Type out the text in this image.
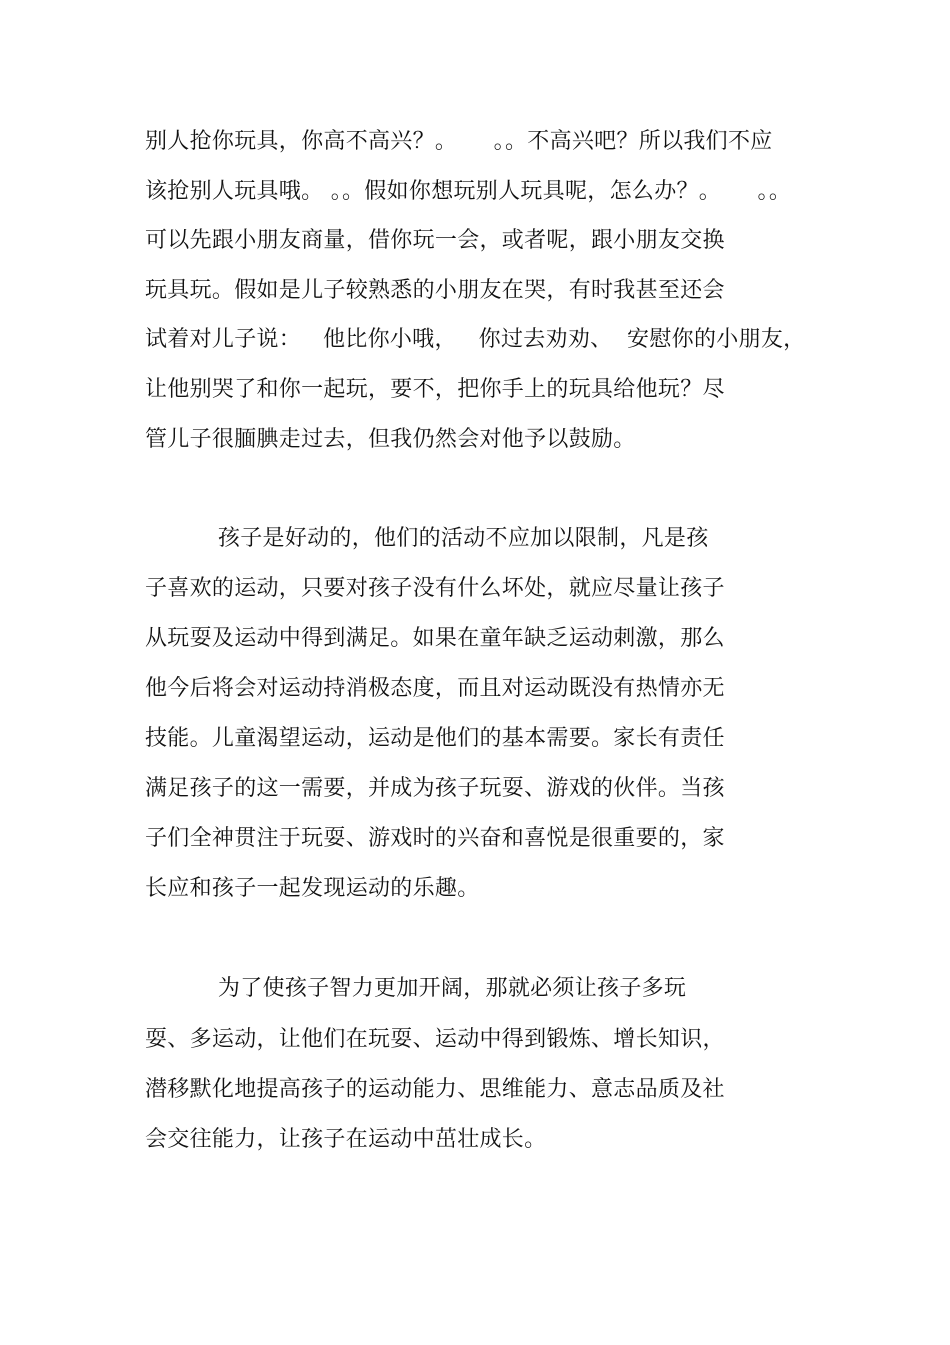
别人抢你玩具，你高不高兴？。     。。不高兴吧？所以我们不应
该抢别人玩具哦。 。。假如你想玩别人玩具呢，怎么办？。     。。
可以先跟小朋友商量，借你玩一会，或者呢，跟小朋友交换
玩具玩。假如是儿子较熟悉的小朋友在哭，有时我甚至还会
试着对儿子说：   他比你小哦，   你过去劝劝、  安慰你的小朋友，
让他别哭了和你一起玩，要不，把你手上的玩具给他玩？尽
管儿子很腼腆走过去，但我仍然会对他予以鼓励。
孩子是好动的，他们的活动不应加以限制，凡是孩
子喜欢的运动，只要对孩子没有什么坏处，就应尽量让孩子
从玩耍及运动中得到满足。如果在童年缺乏运动刺激，那么
他今后将会对运动持消极态度，而且对运动既没有热情亦无
技能。儿童渴望运动，运动是他们的基本需要。家长有责任
满足孩子的这一需要，并成为孩子玩耍、游戏的伙伴。当孩
子们全神贯注于玩耍、游戏时的兴奋和喜悦是很重要的，家
长应和孩子一起发现运动的乐趣。
为了使孩子智力更加开阔，那就必须让孩子多玩
耍、多运动，让他们在玩耍、运动中得到锻炼、增长知识，
潜移默化地提高孩子的运动能力、思维能力、意志品质及社
会交往能力，让孩子在运动中茁壮成长。
